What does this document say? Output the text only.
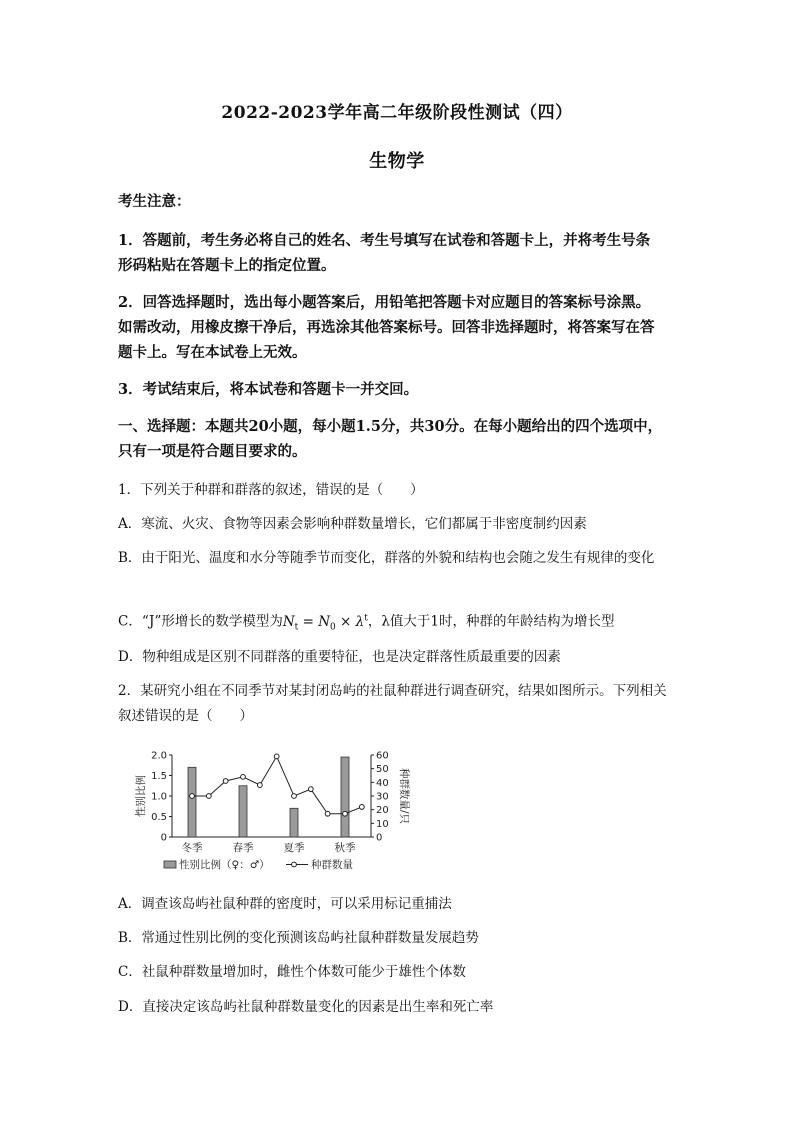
2022-2023学年高二年级阶段性测试（四）
生物学
考生注意：
1．答题前，考生务必将自己的姓名、考生号填写在试卷和答题卡上，并将考生号条形码粘贴在答题卡上的指定位置。
2．回答选择题时，选出每小题答案后，用铅笔把答题卡对应题目的答案标号涂黑。如需改动，用橡皮擦干净后，再选涂其他答案标号。回答非选择题时，将答案写在答题卡上。写在本试卷上无效。
3．考试结束后，将本试卷和答题卡一并交回。
一、选择题：本题共20小题，每小题1.5分，共30分。在每小题给出的四个选项中，只有一项是符合题目要求的。
1．下列关于种群和群落的叙述，错误的是（　　）
A．寒流、火灾、食物等因素会影响种群数量增长，它们都属于非密度制约因素
B．由于阳光、温度和水分等随季节而变化，群落的外貌和结构也会随之发生有规律的变化
C．“J”形增长的数学模型为$N_t = N_0 \times \lambda^t$，λ值大于1时，种群的年龄结构为增长型
D．物种组成是区别不同群落的重要特征，也是决定群落性质最重要的因素
2．某研究小组在不同季节对某封闭岛屿的社鼠种群进行调查研究，结果如图所示。下列相关叙述错误的是（　　）
0
0.5
1.0
1.5
2.0
0
10
20
30
40
50
60
性别比例	种群数量/只
冬季	春季	夏季	秋季
性别比例（♀：♂）	种群数量
A．调查该岛屿社鼠种群的密度时，可以采用标记重捕法
B．常通过性别比例的变化预测该岛屿社鼠种群数量发展趋势
C．社鼠种群数量增加时，雌性个体数可能少于雄性个体数
D．直接决定该岛屿社鼠种群数量变化的因素是出生率和死亡率
